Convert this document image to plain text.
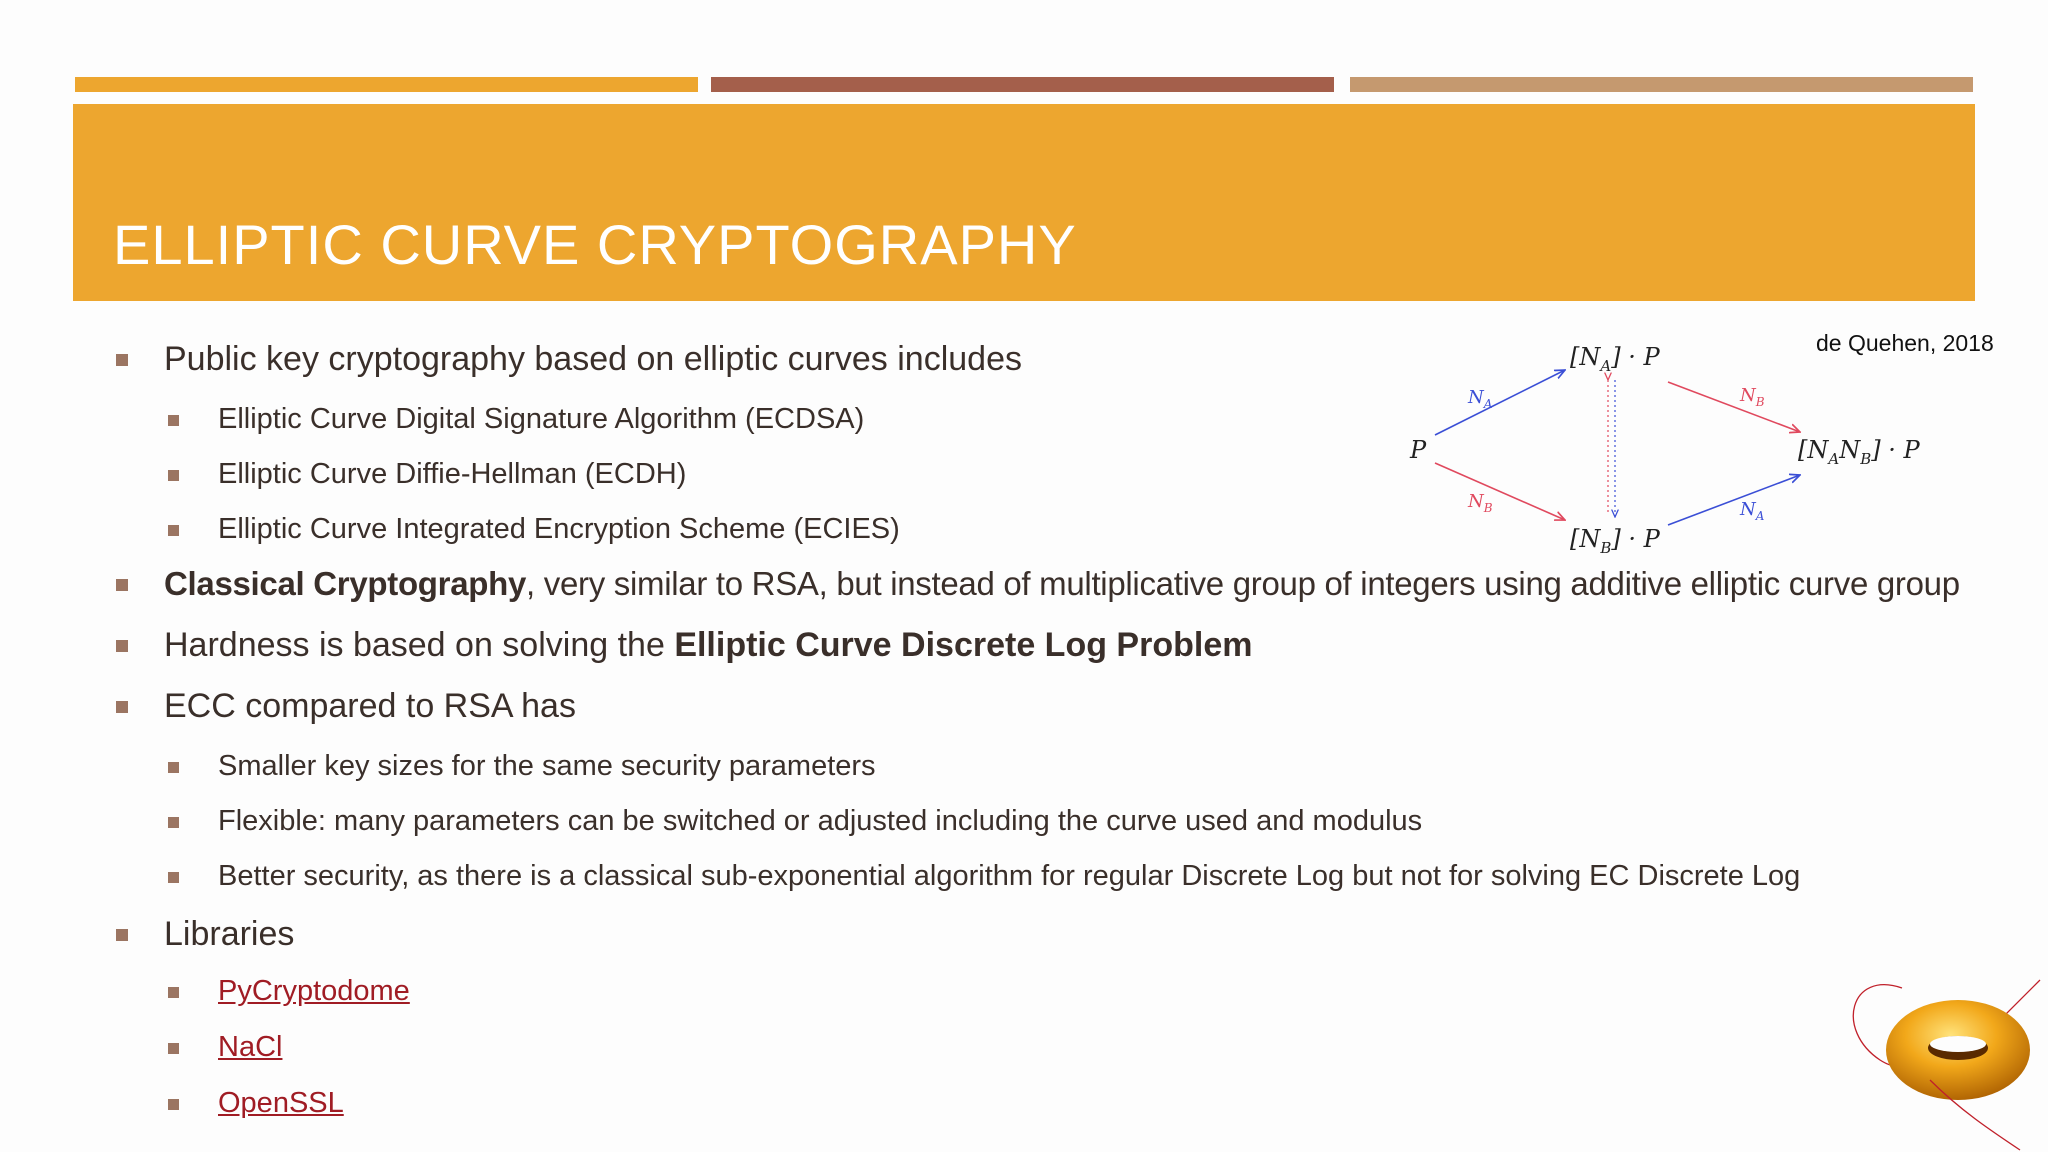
ELLIPTIC CURVE CRYPTOGRAPHY
de Quehen, 2018
Public key cryptography based on elliptic curves includes
Elliptic Curve Digital Signature Algorithm (ECDSA)
Elliptic Curve Diffie-Hellman (ECDH)
Elliptic Curve Integrated Encryption Scheme (ECIES)
Classical Cryptography, very similar to RSA, but instead of multiplicative group of integers using additive elliptic curve group
Hardness is based on solving the Elliptic Curve Discrete Log Problem
ECC compared to RSA has
Smaller key sizes for the same security parameters
Flexible: many parameters can be switched or adjusted including the curve used and modulus
Better security, as there is a classical sub-exponential algorithm for regular Discrete Log but not for solving EC Discrete Log
Libraries
PyCryptodome
NaCl
OpenSSL
P
$[N_A] \cdot P$
$[N_B] \cdot P$
$[N_AN_B] \cdot P$
$N_A$
$N_B$
$N_B$
$N_A$
